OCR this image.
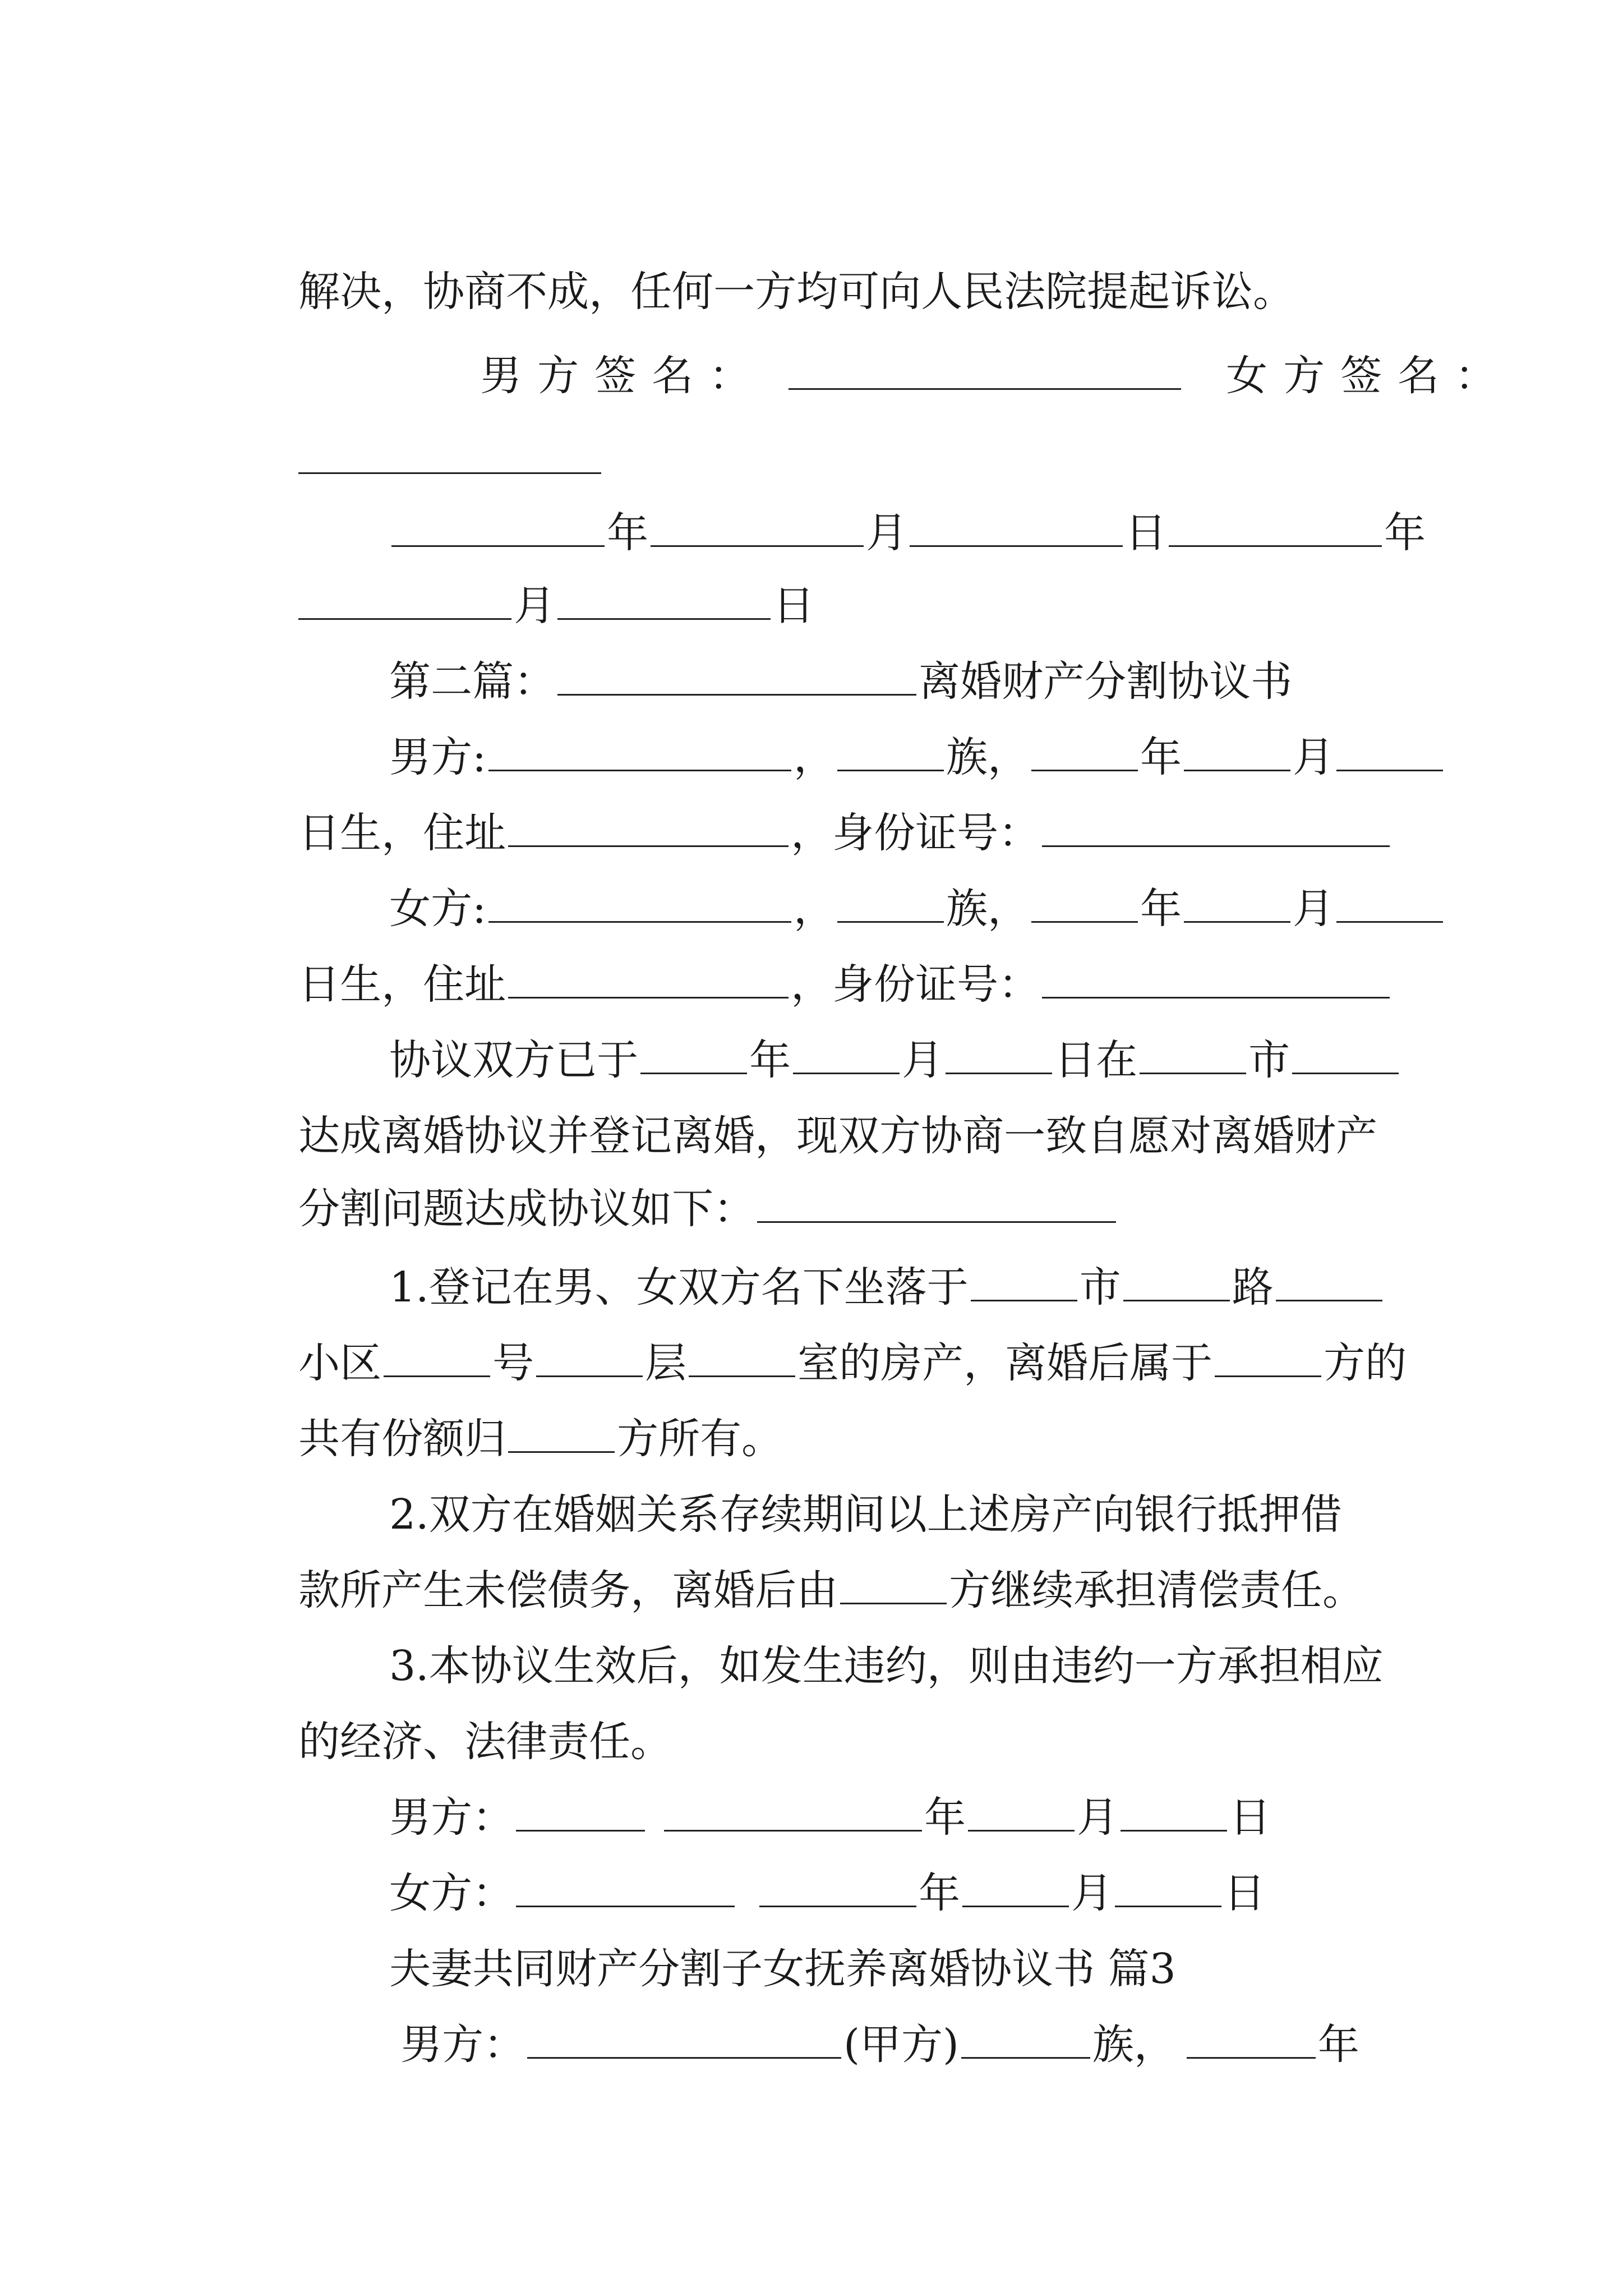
解决，协商不成，任何一方均可向人民法院提起诉讼。

男方签名：	女方签名：

年	月	日	年

月	日

第二篇：	离婚财产分割协议书

男方:	，	族，	年	月

日生，住址	，身份证号：

女方:	，	族，	年	月

日生，住址	，身份证号：

协议双方已于	年	月	日在	市

达成离婚协议并登记离婚，现双方协商一致自愿对离婚财产

分割问题达成协议如下：

1.登记在男、女双方名下坐落于	市	路

小区	号	层	室的房产，离婚后属于	方的

共有份额归	方所有。

2.双方在婚姻关系存续期间以上述房产向银行抵押借

款所产生未偿债务，离婚后由	方继续承担清偿责任。

3.本协议生效后，如发生违约，则由违约一方承担相应

的经济、法律责任。

男方：	年	月	日

女方：	年	月	日

夫妻共同财产分割子女抚养离婚协议书 篇3

男方：	(甲方)	族，	年
